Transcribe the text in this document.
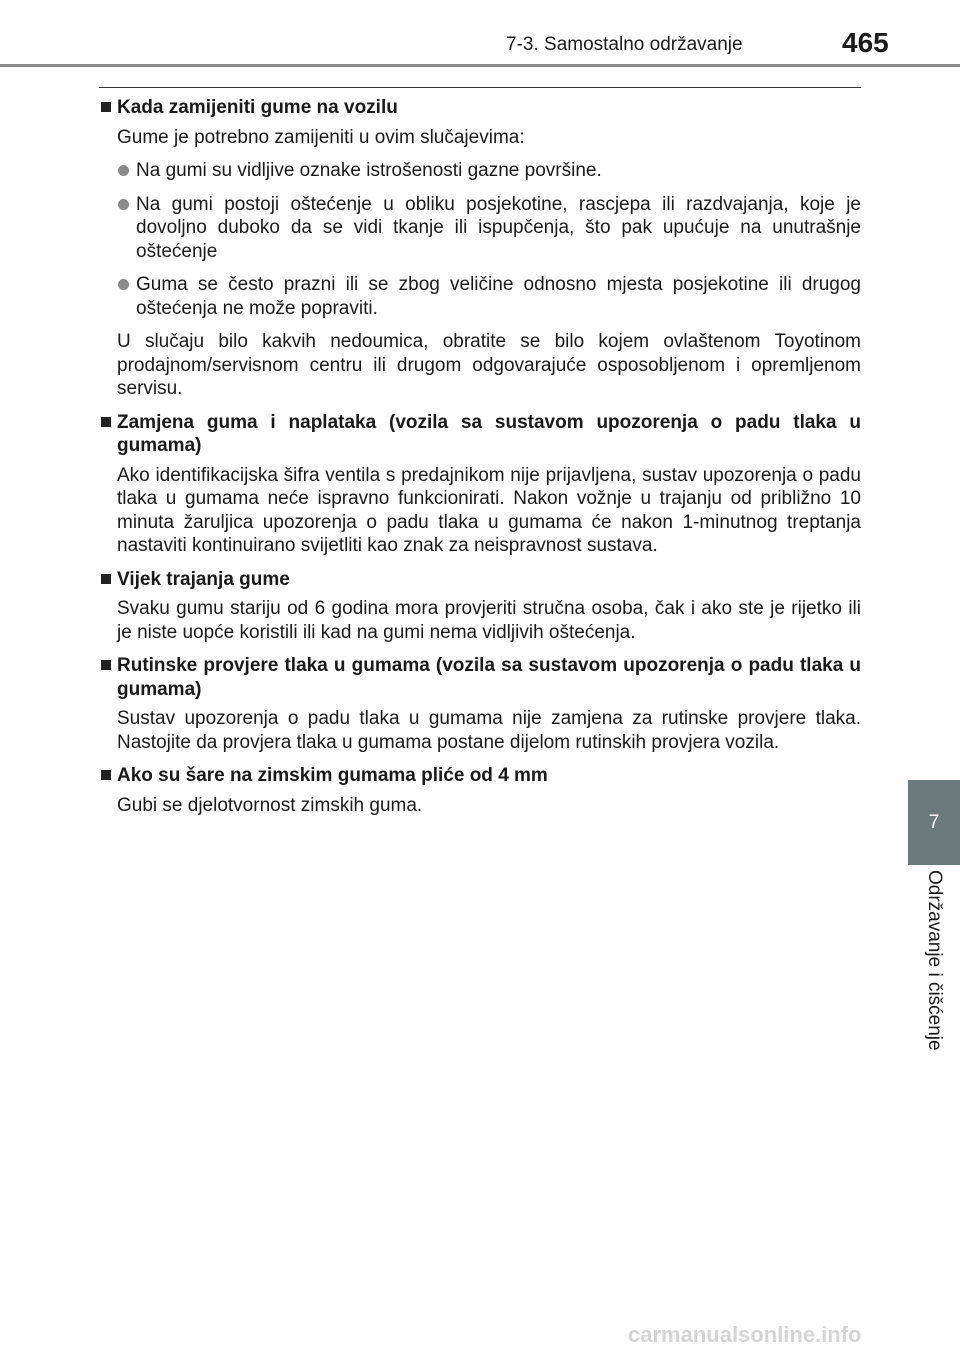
7-3. Samostalno održavanje	465
7
Održavanje i čišćenje
Kada zamijeniti gume na vozilu
Gume je potrebno zamijeniti u ovim slučajevima:
Na gumi su vidljive oznake istrošenosti gazne površine.
Na gumi postoji oštećenje u obliku posjekotine, rascjepa ili razdvajanja, koje je dovoljno duboko da se vidi tkanje ili ispupčenja, što pak upućuje na unutrašnje oštećenje
Guma se često prazni ili se zbog veličine odnosno mjesta posjekotine ili drugog oštećenja ne može popraviti.
U slučaju bilo kakvih nedoumica, obratite se bilo kojem ovlaštenom Toyotinom prodajnom/servisnom centru ili drugom odgovarajuće osposobljenom i opremljenom servisu.
Zamjena guma i naplataka (vozila sa sustavom upozorenja o padu tlaka u gumama)
Ako identifikacijska šifra ventila s predajnikom nije prijavljena, sustav upozorenja o padu tlaka u gumama neće ispravno funkcionirati. Nakon vožnje u trajanju od približno 10 minuta žaruljica upozorenja o padu tlaka u gumama će nakon 1-minutnog treptanja nastaviti kontinuirano svijetliti kao znak za neispravnost sustava.
Vijek trajanja gume
Svaku gumu stariju od 6 godina mora provjeriti stručna osoba, čak i ako ste je rijetko ili je niste uopće koristili ili kad na gumi nema vidljivih oštećenja.
Rutinske provjere tlaka u gumama (vozila sa sustavom upozorenja o padu tlaka u gumama)
Sustav upozorenja o padu tlaka u gumama nije zamjena za rutinske provjere tlaka. Nastojite da provjera tlaka u gumama postane dijelom rutinskih provjera vozila.
Ako su šare na zimskim gumama pliće od 4 mm
Gubi se djelotvornost zimskih guma.
carmanualsonline.info
